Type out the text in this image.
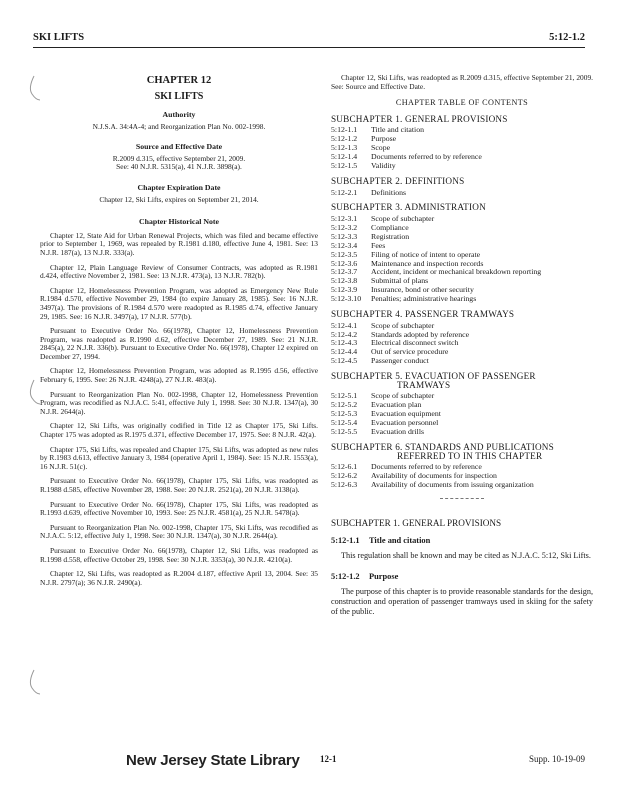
SKI LIFTS	5:12-1.2
CHAPTER 12
SKI LIFTS
Authority
N.J.S.A. 34:4A-4; and Reorganization Plan No. 002-1998.
Source and Effective Date
R.2009 d.315, effective September 21, 2009.
See: 40 N.J.R. 5315(a), 41 N.J.R. 3898(a).
Chapter Expiration Date
Chapter 12, Ski Lifts, expires on September 21, 2014.
Chapter Historical Note

Chapter 12, State Aid for Urban Renewal Projects, which was filed and became effective prior to September 1, 1969, was repealed by R.1981 d.180, effective June 4, 1981. See: 13 N.J.R. 187(a), 13 N.J.R. 333(a).

Chapter 12, Plain Language Review of Consumer Contracts, was adopted as R.1981 d.424, effective November 2, 1981. See: 13 N.J.R. 473(a), 13 N.J.R. 782(b).

Chapter 12, Homelessness Prevention Program, was adopted as Emergency New Rule R.1984 d.570, effective November 29, 1984 (to expire January 28, 1985). See: 16 N.J.R. 3497(a). The provisions of R.1984 d.570 were readopted as R.1985 d.74, effective January 29, 1985. See: 16 N.J.R. 3497(a), 17 N.J.R. 577(b).

Pursuant to Executive Order No. 66(1978), Chapter 12, Homelessness Prevention Program, was readopted as R.1990 d.62, effective December 27, 1989. See: 21 N.J.R. 2845(a), 22 N.J.R. 336(b). Pursuant to Executive Order No. 66(1978), Chapter 12 expired on December 27, 1994.

Chapter 12, Homelessness Prevention Program, was adopted as R.1995 d.56, effective February 6, 1995. See: 26 N.J.R. 4248(a), 27 N.J.R. 483(a).

Pursuant to Reorganization Plan No. 002-1998, Chapter 12, Homelessness Prevention Program, was recodified as N.J.A.C. 5:41, effective July 1, 1998. See: 30 N.J.R. 1347(a), 30 N.J.R. 2644(a).

Chapter 12, Ski Lifts, was originally codified in Title 12 as Chapter 175, Ski Lifts. Chapter 175 was adopted as R.1975 d.371, effective December 17, 1975. See: 8 N.J.R. 42(a).

Chapter 175, Ski Lifts, was repealed and Chapter 175, Ski Lifts, was adopted as new rules by R.1983 d.613, effective January 3, 1984 (operative April 1, 1984). See: 15 N.J.R. 1553(a), 16 N.J.R. 51(c).

Pursuant to Executive Order No. 66(1978), Chapter 175, Ski Lifts, was readopted as R.1988 d.585, effective November 28, 1988. See: 20 N.J.R. 2521(a), 20 N.J.R. 3138(a).

Pursuant to Executive Order No. 66(1978), Chapter 175, Ski Lifts, was readopted as R.1993 d.639, effective November 10, 1993. See: 25 N.J.R. 4581(a), 25 N.J.R. 5478(a).

Pursuant to Reorganization Plan No. 002-1998, Chapter 175, Ski Lifts, was recodified as N.J.A.C. 5:12, effective July 1, 1998. See: 30 N.J.R. 1347(a), 30 N.J.R. 2644(a).

Pursuant to Executive Order No. 66(1978), Chapter 12, Ski Lifts, was readopted as R.1998 d.558, effective October 29, 1998. See: 30 N.J.R. 3353(a), 30 N.J.R. 4210(a).

Chapter 12, Ski Lifts, was readopted as R.2004 d.187, effective April 13, 2004. See: 35 N.J.R. 2797(a); 36 N.J.R. 2490(a).

Chapter 12, Ski Lifts, was readopted as R.2009 d.315, effective September 21, 2009. See: Source and Effective Date.

CHAPTER TABLE OF CONTENTS
SUBCHAPTER 1. GENERAL PROVISIONS
5:12-1.1	Title and citation
5:12-1.2	Purpose
5:12-1.3	Scope
5:12-1.4	Documents referred to by reference
5:12-1.5	Validity
SUBCHAPTER 2. DEFINITIONS
5:12-2.1	Definitions
SUBCHAPTER 3. ADMINISTRATION
5:12-3.1	Scope of subchapter
5:12-3.2	Compliance
5:12-3.3	Registration
5:12-3.4	Fees
5:12-3.5	Filing of notice of intent to operate
5:12-3.6	Maintenance and inspection records
5:12-3.7	Accident, incident or mechanical breakdown reporting
5:12-3.8	Submittal of plans
5:12-3.9	Insurance, bond or other security
5:12-3.10	Penalties; administrative hearings
SUBCHAPTER 4. PASSENGER TRAMWAYS
5:12-4.1	Scope of subchapter
5:12-4.2	Standards adopted by reference
5:12-4.3	Electrical disconnect switch
5:12-4.4	Out of service procedure
5:12-4.5	Passenger conduct
SUBCHAPTER 5. EVACUATION OF PASSENGER
TRAMWAYS
5:12-5.1	Scope of subchapter
5:12-5.2	Evacuation plan
5:12-5.3	Evacuation equipment
5:12-5.4	Evacuation personnel
5:12-5.5	Evacuation drills
SUBCHAPTER 6. STANDARDS AND PUBLICATIONS
REFERRED TO IN THIS CHAPTER
5:12-6.1	Documents referred to by reference
5:12-6.2	Availability of documents for inspection
5:12-6.3	Availability of documents from issuing organization
SUBCHAPTER 1. GENERAL PROVISIONS
5:12-1.1 Title and citation

This regulation shall be known and may be cited as N.J.A.C. 5:12, Ski Lifts.

5:12-1.2 Purpose

The purpose of this chapter is to provide reasonable standards for the design, construction and operation of passenger tramways used in skiing for the safety of the public.

New Jersey State Library 12-1	Supp. 10-19-09
